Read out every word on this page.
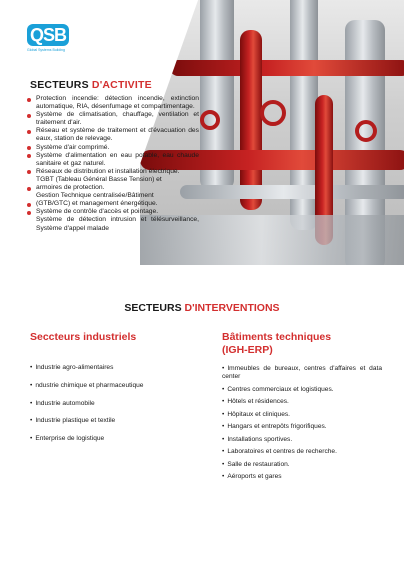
QSB
Global Systems Building
SECTEURS D'ACTIVITE
Protection incendie: détection incendie, extinction automatique, RIA, désenfumage et compartimentage.
Système de climatisation, chauffage, ventilation et traitement d'air.
Réseau et système de traitement et d'évacuation des eaux, station de relevage.
Système d'air comprimé.
Système d'alimentation en eau potable, eau chaude sanitaire et gaz naturel.
Réseaux de distribution et installation électrique.
TGBT (Tableau Général Basse Tension) et
armoires de protection.
Gestion Technique centralisée/Bâtiment
(GTB/GTC) et management énergétique.
Système de contrôle d'accès et pointage.
Système de détection intrusion et télésurveillance, Système d'appel malade
SECTEURS D'INTERVENTIONS
Seccteurs industriels	Bâtiments techniques
(IGH-ERP)
• Industrie agro-alimentaires
• ndustrie chimique et pharmaceutique
• Industrie automobile
• Industrie plastique et textile
• Enterprise de logistique
• Immeubles de bureaux, centres d'affaires et data center
• Centres commerciaux et logistiques.
• Hôtels et résidences.
• Hôpitaux et cliniques.
• Hangars et entrepôts frigorifiques.
• Installations sportives.
• Laboratoires et centres de recherche.
• Salle de restauration.
• Aéroports et gares
